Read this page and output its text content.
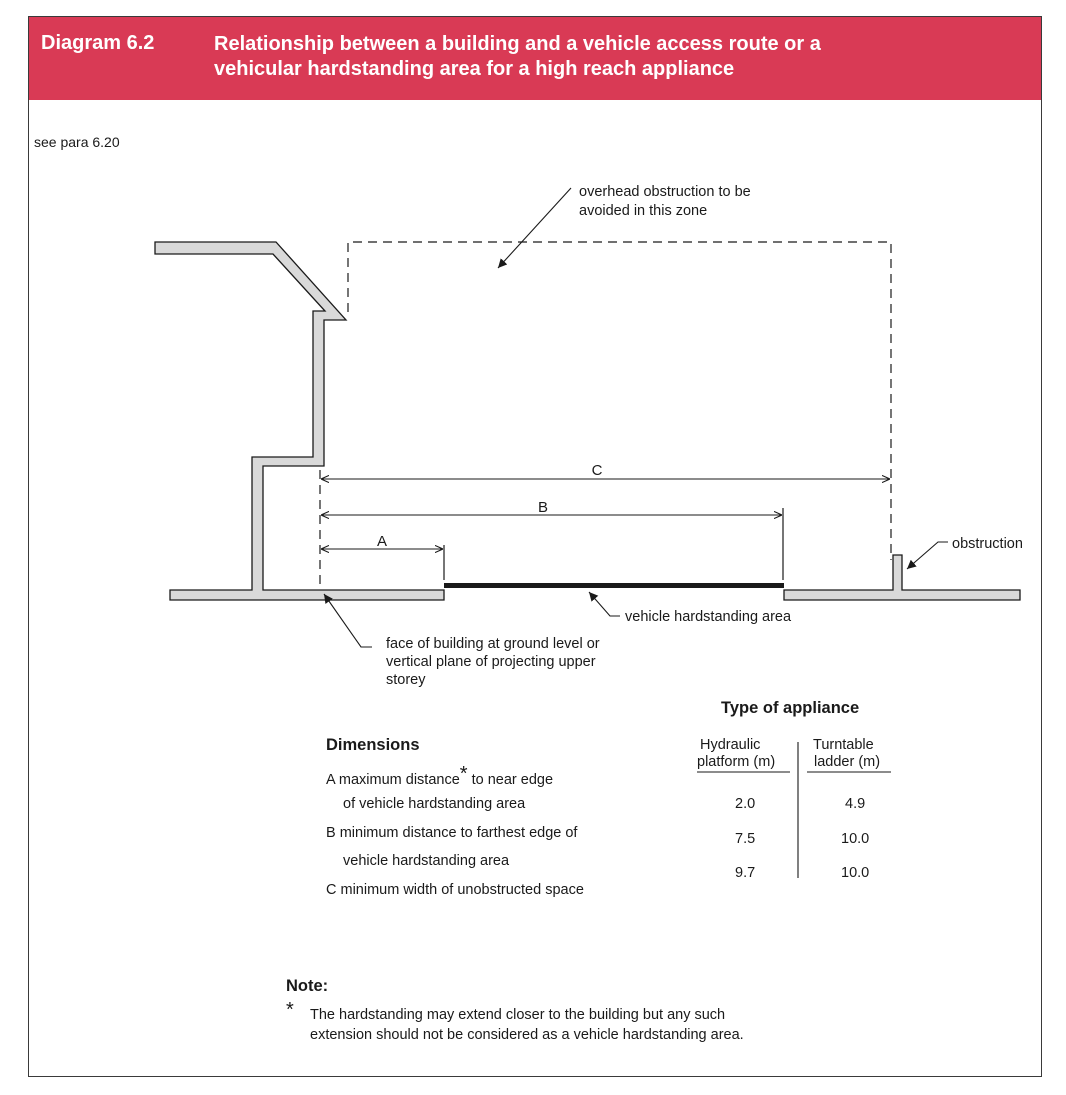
Diagram 6.2	Relationship between a building and a vehicle access route or a
vehicular hardstanding area for a high reach appliance
see para 6.20
C
B
A
overhead obstruction to be
avoided in this zone
obstruction
vehicle hardstanding area
face of building at ground level or
vertical plane of projecting upper
storey
Dimensions
A maximum distance* to near edge
of vehicle hardstanding area
B minimum distance to farthest edge of
vehicle hardstanding area
C minimum width of unobstructed space
Type of appliance
Hydraulic
platform (m)
Turntable
ladder (m)
2.0	4.9
7.5	10.0
9.7	10.0
Note:
* The hardstanding may extend closer to the building but any such
extension should not be considered as a vehicle hardstanding area.
